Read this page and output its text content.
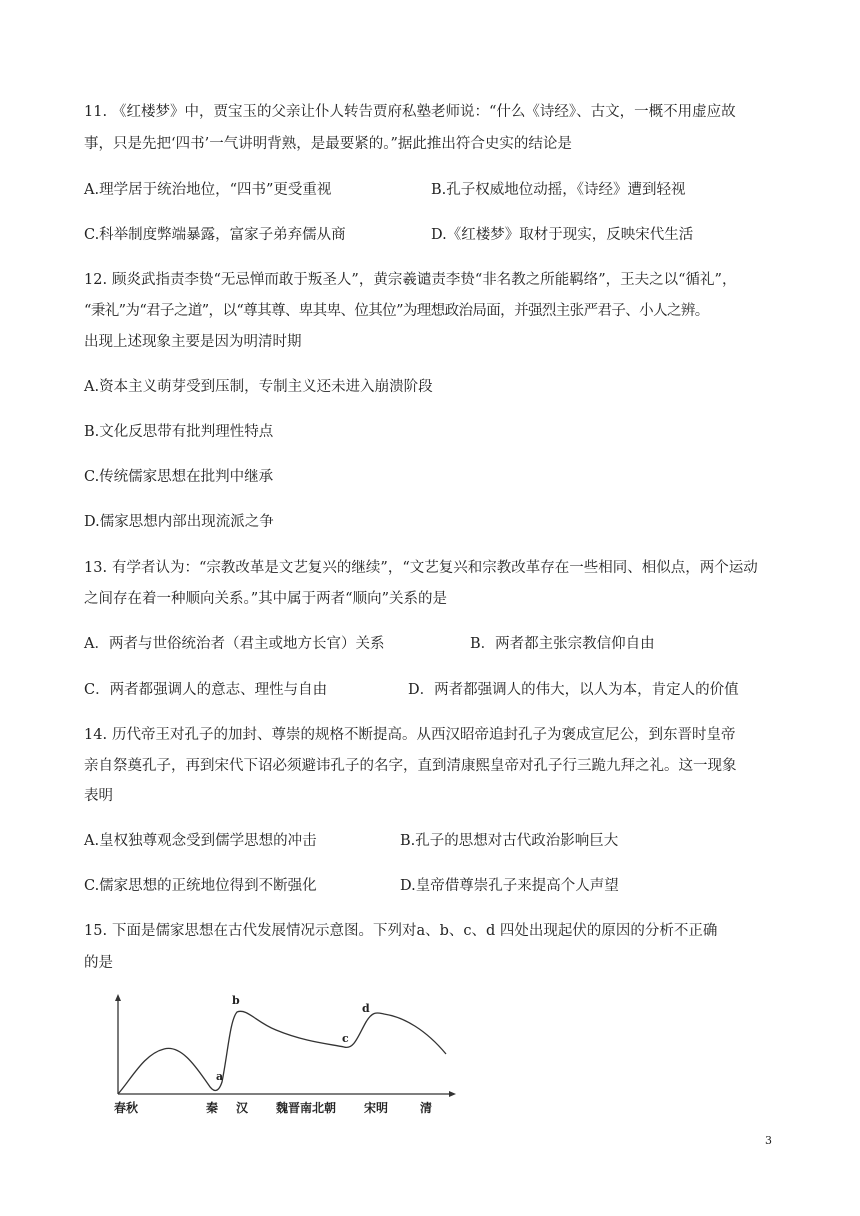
11. 《红楼梦》中，贾宝玉的父亲让仆人转告贾府私塾老师说：“什么《诗经》、古文，一概不用虚应故
事，只是先把‘四书’一气讲明背熟，是最要紧的。”据此推出符合史实的结论是
A.理学居于统治地位，“四书”更受重视	B.孔子权威地位动摇，《诗经》遭到轻视
C.科举制度弊端暴露，富家子弟弃儒从商	D.《红楼梦》取材于现实，反映宋代生活
12. 顾炎武指责李贽“无忌惮而敢于叛圣人”，黄宗羲谴责李贽“非名教之所能羁络”，王夫之以“循礼”，
“秉礼”为“君子之道”，以“尊其尊、卑其卑、位其位”为理想政治局面，并强烈主张严君子、小人之辨。
出现上述现象主要是因为明清时期
A.资本主义萌芽受到压制，专制主义还未进入崩溃阶段
B.文化反思带有批判理性特点
C.传统儒家思想在批判中继承
D.儒家思想内部出现流派之争
13. 有学者认为：“宗教改革是文艺复兴的继续”，“文艺复兴和宗教改革存在一些相同、相似点，两个运动
之间存在着一种顺向关系。”其中属于两者“顺向”关系的是
A．两者与世俗统治者（君主或地方长官）关系	B．两者都主张宗教信仰自由
C．两者都强调人的意志、理性与自由	D．两者都强调人的伟大，以人为本，肯定人的价值
14. 历代帝王对孔子的加封、尊崇的规格不断提高。从西汉昭帝追封孔子为褒成宣尼公，到东晋时皇帝
亲自祭奠孔子，再到宋代下诏必须避讳孔子的名字，直到清康熙皇帝对孔子行三跪九拜之礼。这一现象
表明
A.皇权独尊观念受到儒学思想的冲击	B.孔子的思想对古代政治影响巨大
C.儒家思想的正统地位得到不断强化	D.皇帝借尊崇孔子来提高个人声望
15. 下面是儒家思想在古代发展情况示意图。下列对a、b、c、d 四处出现起伏的原因的分析不正确
的是
a
b
c
d
春秋	秦 汉 魏晋南北朝 宋明	清
3
